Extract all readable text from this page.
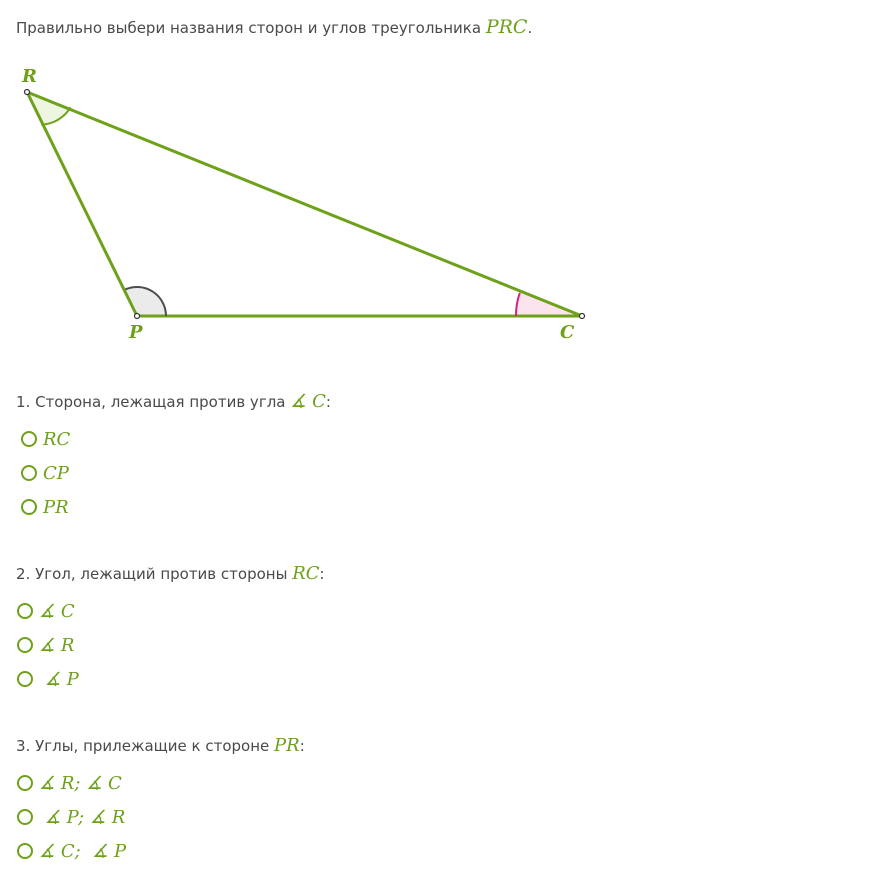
Правильно выбери названия сторон и углов треугольника PRC.
R
P	C
1. Сторона, лежащая против угла ∡ C:
RC
CP
PR
2. Угол, лежащий против стороны RC:
∡ C
∡ R
∡ P
3. Углы, прилежащие к стороне PR:
∡ R; ∡ C
∡ P; ∡ R
∡ C;  ∡ P
